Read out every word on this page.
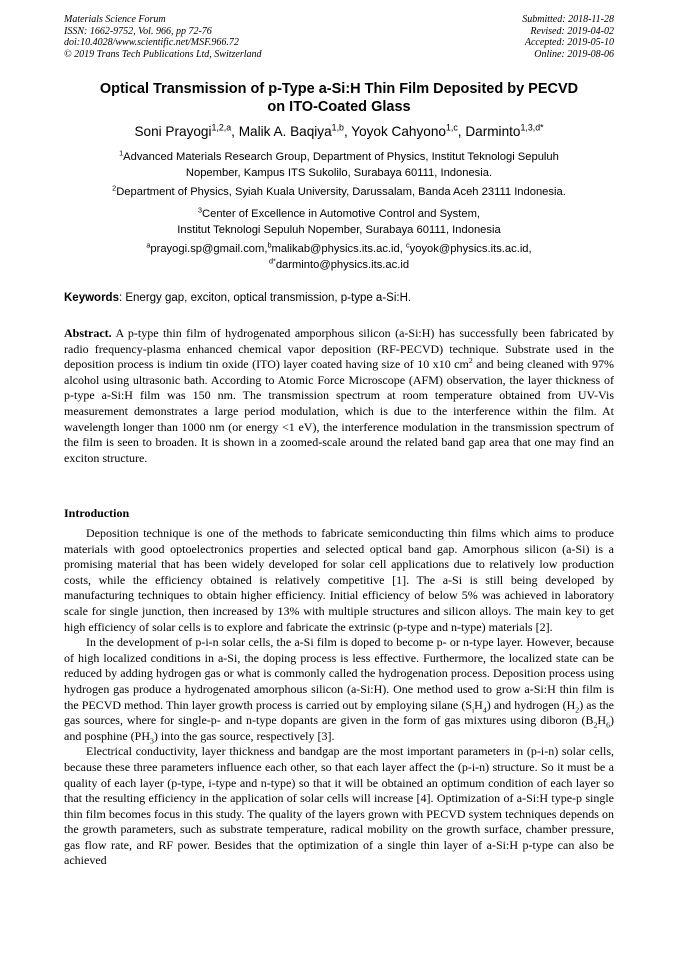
Materials Science Forum
ISSN: 1662-9752, Vol. 966, pp 72-76
doi:10.4028/www.scientific.net/MSF.966.72
© 2019 Trans Tech Publications Ltd, Switzerland
Submitted: 2018-11-28
Revised: 2019-04-02
Accepted: 2019-05-10
Online: 2019-08-06
Optical Transmission of p-Type a-Si:H Thin Film Deposited by PECVD
on ITO-Coated Glass
Soni Prayogi$^{1,2,a}$, Malik A. Baqiya$^{1,b}$, Yoyok Cahyono$^{1,c}$, Darminto$^{1,3,d*}$
$^1$Advanced Materials Research Group, Department of Physics, Institut Teknologi Sepuluh
Nopember, Kampus ITS Sukolilo, Surabaya 60111, Indonesia.
$^2$Department of Physics, Syiah Kuala University, Darussalam, Banda Aceh 23111 Indonesia.
$^3$Center of Excellence in Automotive Control and System,
Institut Teknologi Sepuluh Nopember, Surabaya 60111, Indonesia
$^a$prayogi.sp@gmail.com,$^b$malikab@physics.its.ac.id, $^c$yoyok@physics.its.ac.id,
$^{d*}$darminto@physics.its.ac.id
Keywords: Energy gap, exciton, optical transmission, p-type a-Si:H.
Abstract. A p-type thin film of hydrogenated amporphous silicon (a-Si:H) has successfully been fabricated by radio frequency-plasma enhanced chemical vapor deposition (RF-PECVD) technique. Substrate used in the deposition process is indium tin oxide (ITO) layer coated having size of 10 x10 $cm^2$ and being cleaned with 97% alcohol using ultrasonic bath. According to Atomic Force Microscope (AFM) observation, the layer thickness of p-type a-Si:H film was 150 nm. The transmission spectrum at room temperature obtained from UV-Vis measurement demonstrates a large period modulation, which is due to the interference within the film. At wavelength longer than 1000 nm (or energy <1 eV), the interference modulation in the transmission spectrum of the film is seen to broaden. It is shown in a zoomed-scale around the related band gap area that one may find an exciton structure.
Introduction

Deposition technique is one of the methods to fabricate semiconducting thin films which aims to produce materials with good optoelectronics properties and selected optical band gap. Amorphous silicon (a-Si) is a promising material that has been widely developed for solar cell applications due to relatively low production costs, while the efficiency obtained is relatively competitive [1]. The a-Si is still being developed by manufacturing techniques to obtain higher efficiency. Initial efficiency of below 5% was achieved in laboratory scale for single junction, then increased by 13% with multiple structures and silicon alloys. The main key to get high efficiency of solar cells is to explore and fabricate the extrinsic (p-type and n-type) materials [2].

In the development of p-i-n solar cells, the a-Si film is doped to become p- or n-type layer. However, because of high localized conditions in a-Si, the doping process is less effective. Furthermore, the localized state can be reduced by adding hydrogen gas or what is commonly called the hydrogenation process. Deposition process using hydrogen gas produce a hydrogenated amorphous silicon (a-Si:H). One method used to grow a-Si:H thin film is the PECVD method. Thin layer growth process is carried out by employing silane $(S_iH_4)$ and hydrogen $(H_2)$ as the gas sources, where for single-p- and n-type dopants are given in the form of gas mixtures using diboron $(B_2H_6)$ and posphine $(PH_3)$ into the gas source, respectively [3].

Electrical conductivity, layer thickness and bandgap are the most important parameters in (p-i-n) solar cells, because these three parameters influence each other, so that each layer affect the (p-i-n) structure. So it must be a quality of each layer (p-type, i-type and n-type) so that it will be obtained an optimum condition of each layer so that the resulting efficiency in the application of solar cells will increase [4]. Optimization of a-Si:H type-p single thin film becomes focus in this study. The quality of the layers grown with PECVD system techniques depends on the growth parameters, such as substrate temperature, radical mobility on the growth surface, chamber pressure, gas flow rate, and RF power. Besides that the optimization of a single thin layer of a-Si:H p-type can also be achieved
